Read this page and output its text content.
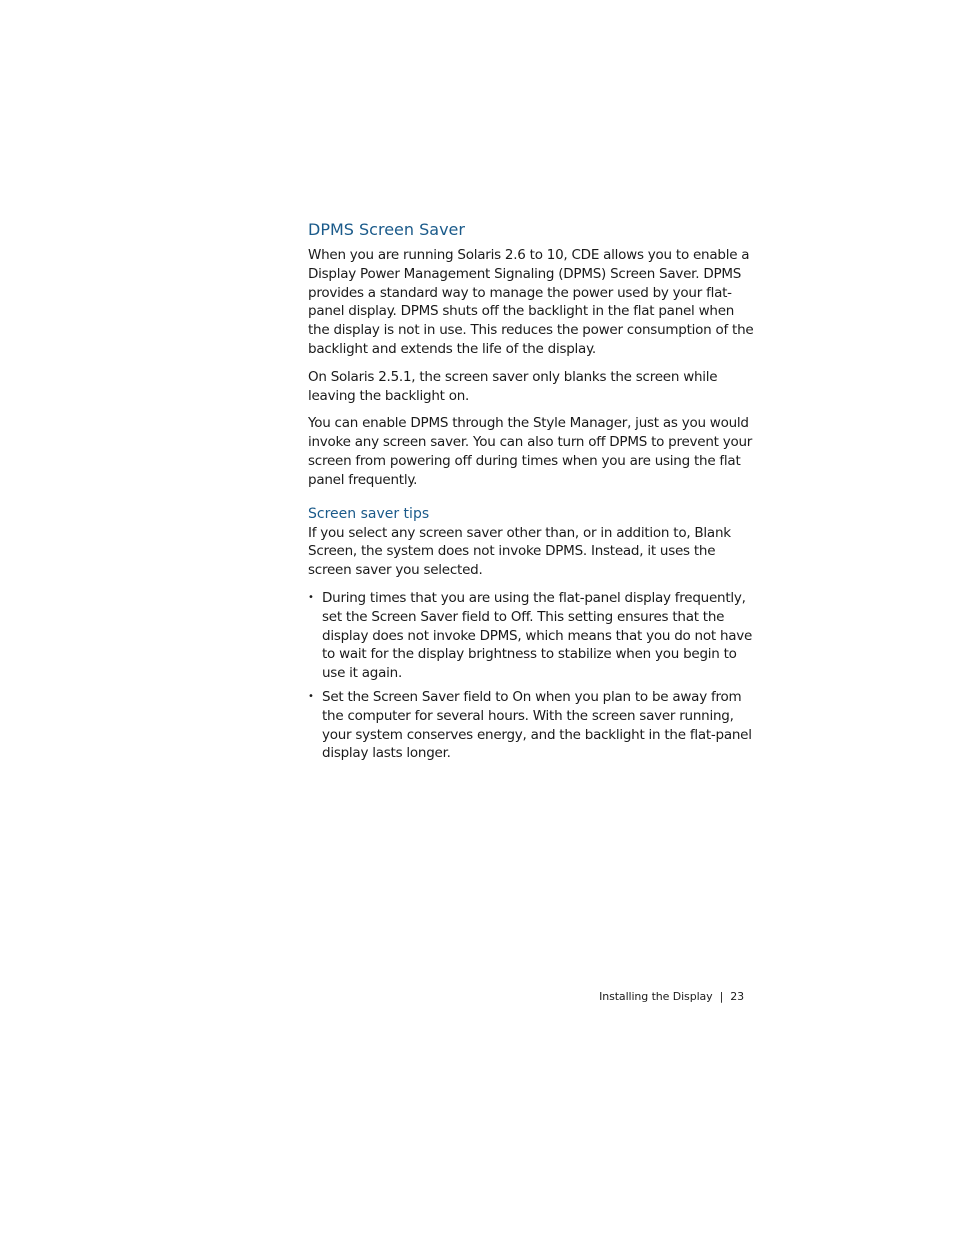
DPMS Screen Saver

When you are running Solaris 2.6 to 10, CDE allows you to enable a Display Power Management Signaling (DPMS) Screen Saver. DPMS provides a standard way to manage the power used by your flat-panel display. DPMS shuts off the backlight in the flat panel when the display is not in use. This reduces the power consumption of the backlight and extends the life of the display.

On Solaris 2.5.1, the screen saver only blanks the screen while leaving the backlight on.

You can enable DPMS through the Style Manager, just as you would invoke any screen saver. You can also turn off DPMS to prevent your screen from powering off during times when you are using the flat panel frequently.

Screen saver tips

If you select any screen saver other than, or in addition to, Blank Screen, the system does not invoke DPMS. Instead, it uses the screen saver you selected.

• During times that you are using the flat-panel display frequently, set the Screen Saver field to Off. This setting ensures that the display does not invoke DPMS, which means that you do not have to wait for the display brightness to stabilize when you begin to use it again.
• Set the Screen Saver field to On when you plan to be away from the computer for several hours. With the screen saver running, your system conserves energy, and the backlight in the flat-panel display lasts longer.
Installing the Display | 23
